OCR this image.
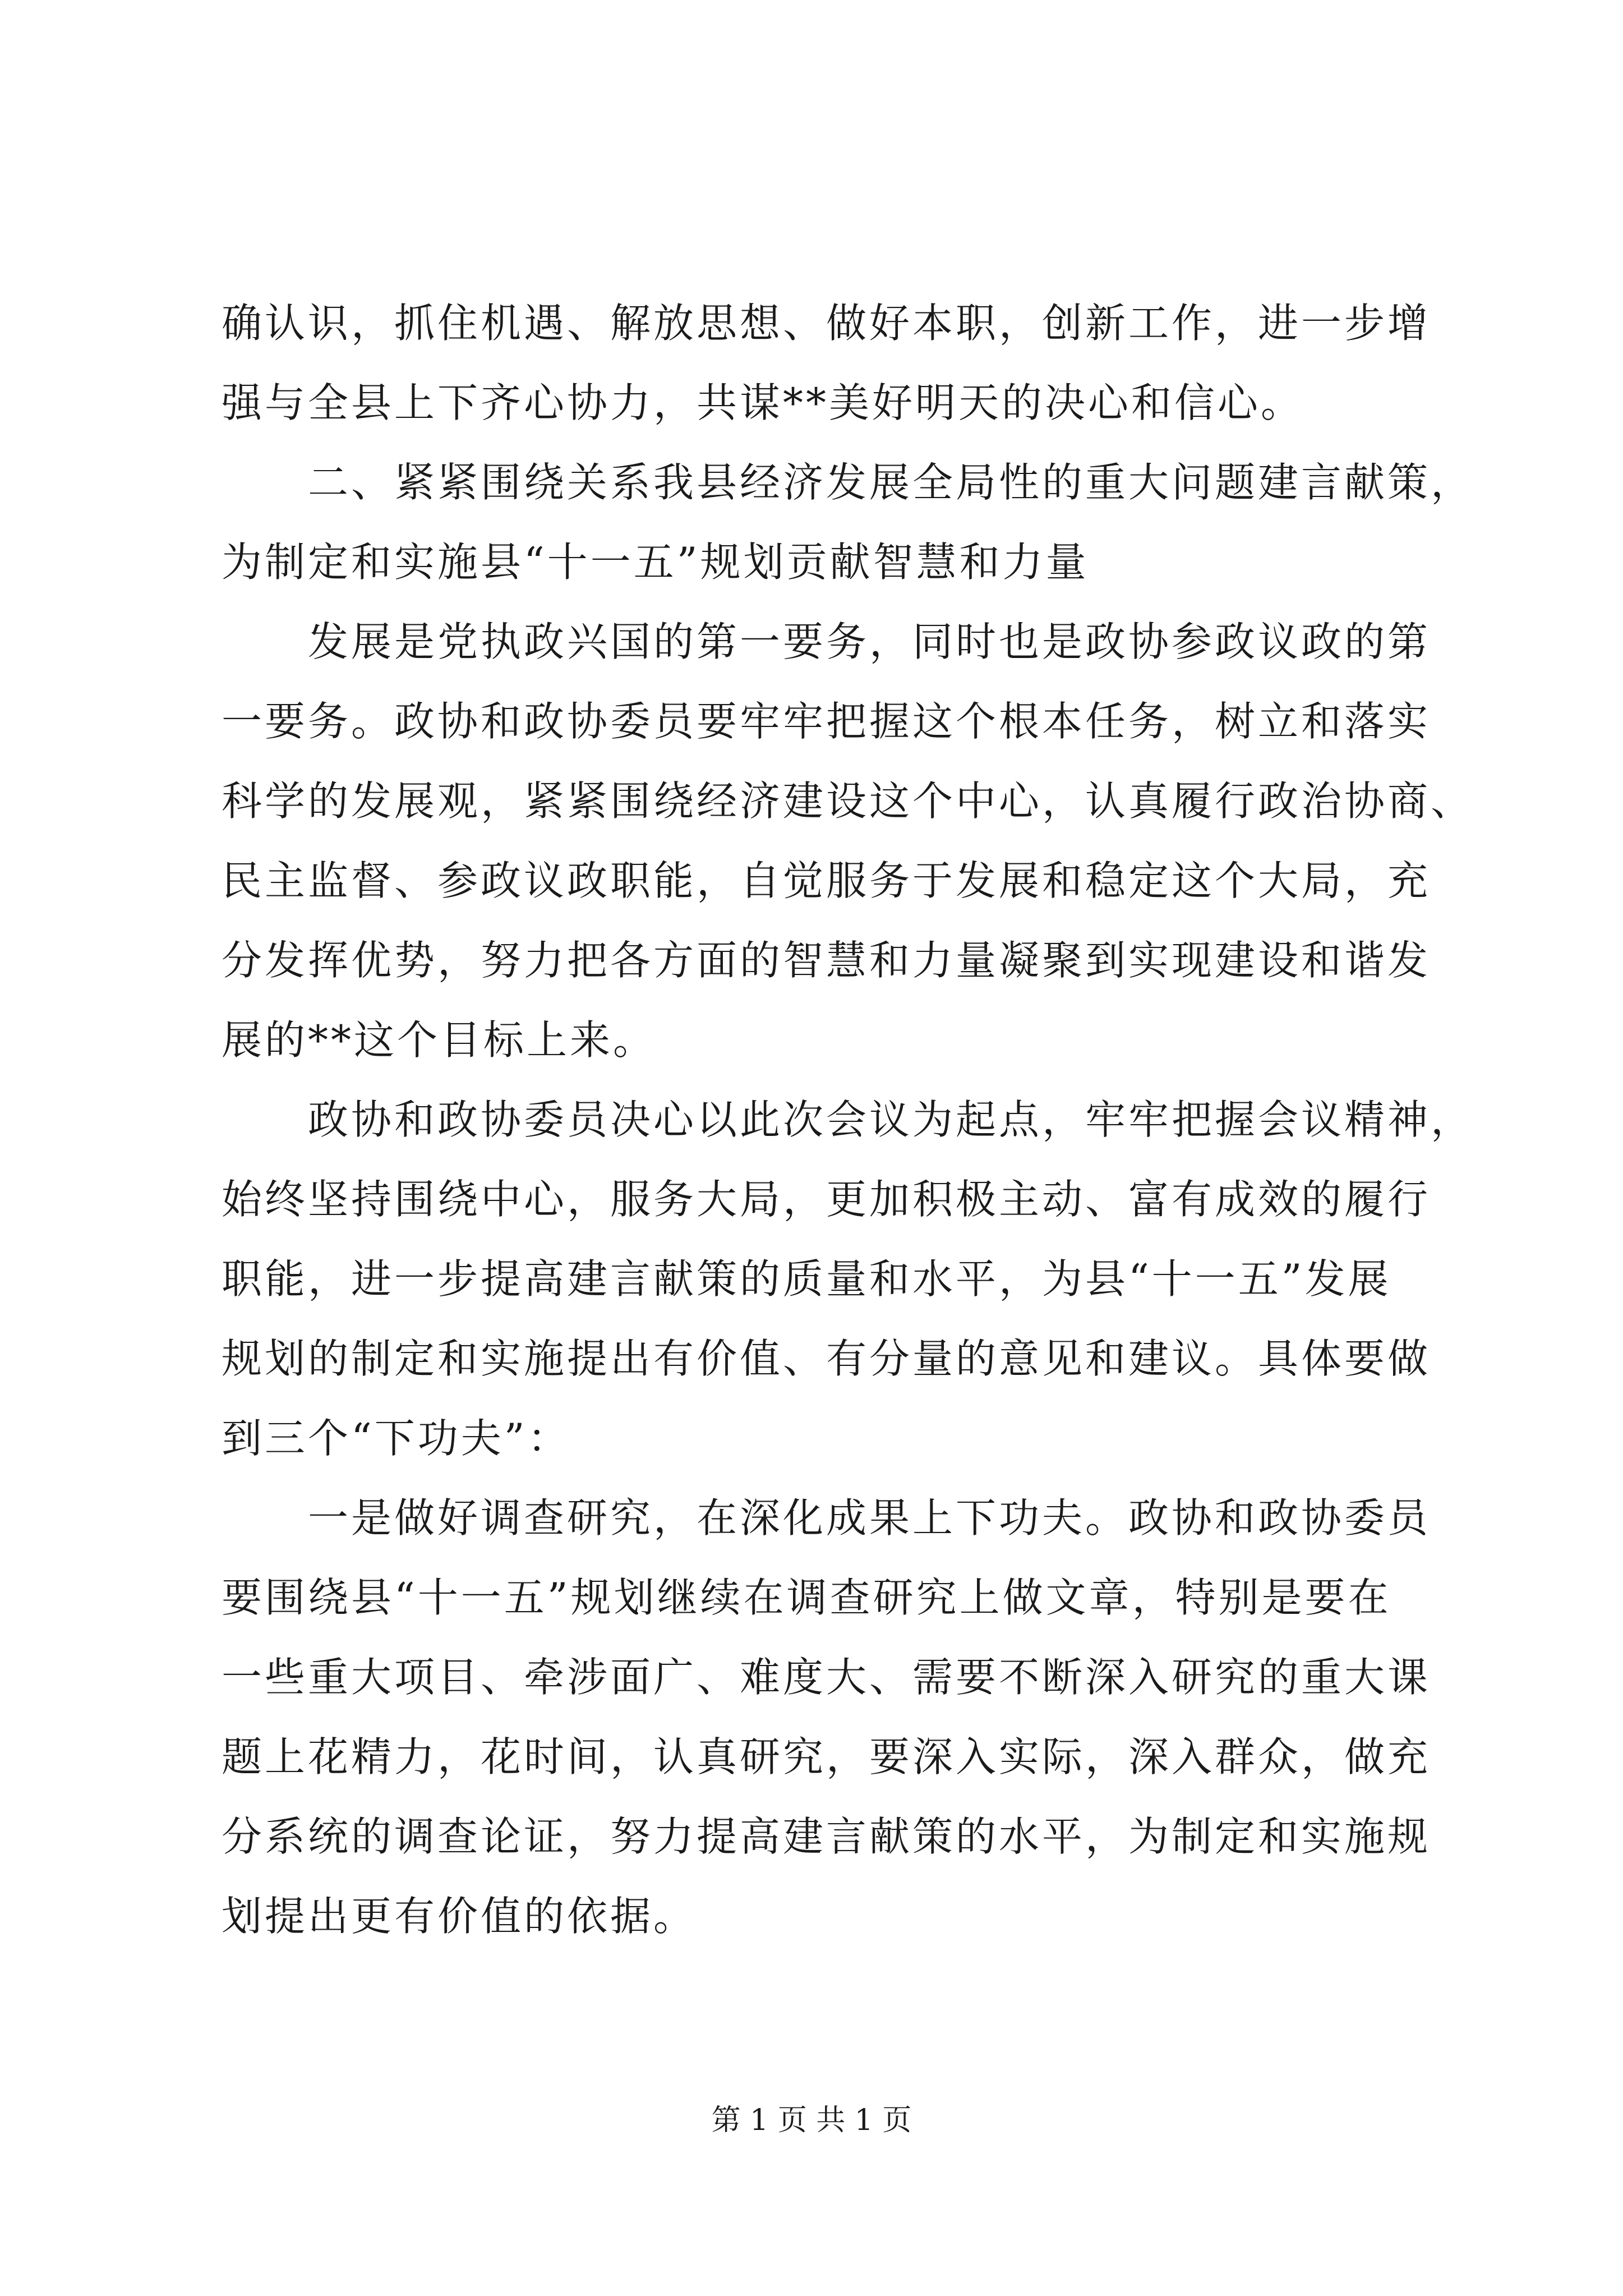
确认识，抓住机遇、解放思想、做好本职，创新工作，进一步增
强与全县上下齐心协力，共谋**美好明天的决心和信心。
　　二、紧紧围绕关系我县经济发展全局性的重大问题建言献策，
为制定和实施县“十一五”规划贡献智慧和力量
　　发展是党执政兴国的第一要务，同时也是政协参政议政的第
一要务。政协和政协委员要牢牢把握这个根本任务，树立和落实
科学的发展观，紧紧围绕经济建设这个中心，认真履行政治协商、
民主监督、参政议政职能，自觉服务于发展和稳定这个大局，充
分发挥优势，努力把各方面的智慧和力量凝聚到实现建设和谐发
展的**这个目标上来。
　　政协和政协委员决心以此次会议为起点，牢牢把握会议精神，
始终坚持围绕中心，服务大局，更加积极主动、富有成效的履行
职能，进一步提高建言献策的质量和水平，为县“十一五”发展
规划的制定和实施提出有价值、有分量的意见和建议。具体要做
到三个“下功夫”：
　　一是做好调查研究，在深化成果上下功夫。政协和政协委员
要围绕县“十一五”规划继续在调查研究上做文章，特别是要在
一些重大项目、牵涉面广、难度大、需要不断深入研究的重大课
题上花精力，花时间，认真研究，要深入实际，深入群众，做充
分系统的调查论证，努力提高建言献策的水平，为制定和实施规
划提出更有价值的依据。
第 1 页 共 1 页
